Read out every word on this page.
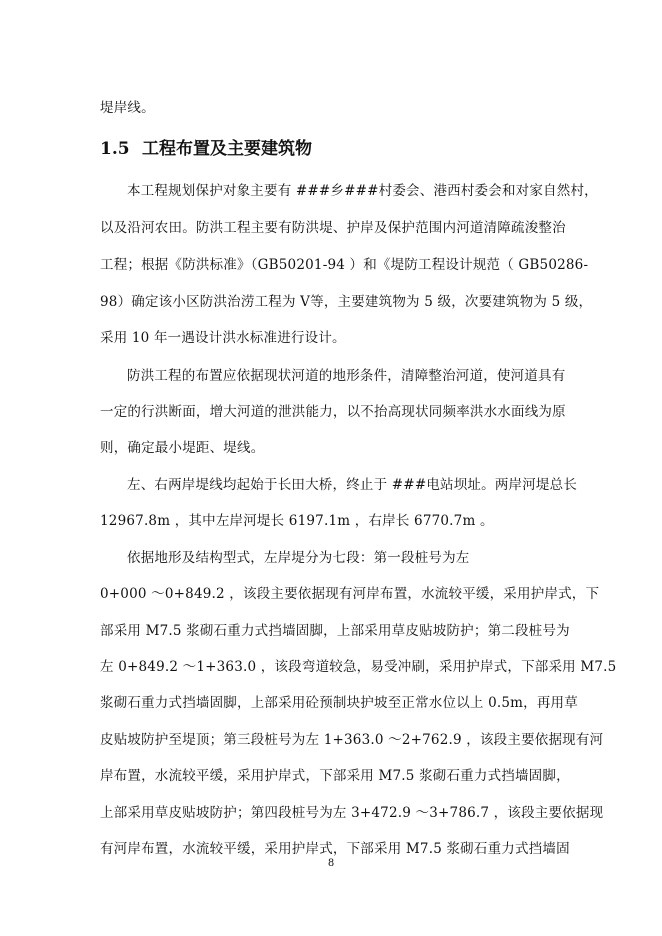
堤岸线。
1.5 工程布置及主要建筑物
本工程规划保护对象主要有 ###乡###村委会、港西村委会和对家自然村，
以及沿河农田。防洪工程主要有防洪堤、护岸及保护范围内河道清障疏浚整治
工程；根据《防洪标准》（GB50201-94 ）和《堤防工程设计规范（ GB50286-
98）确定该小区防洪治涝工程为 V等，主要建筑物为 5 级，次要建筑物为 5 级，
采用 10 年一遇设计洪水标准进行设计。
防洪工程的布置应依据现状河道的地形条件，清障整治河道，使河道具有
一定的行洪断面，增大河道的泄洪能力，以不抬高现状同频率洪水水面线为原
则，确定最小堤距、堤线。
左、右两岸堤线均起始于长田大桥，终止于 ###电站坝址。两岸河堤总长
12967.8m ，其中左岸河堤长 6197.1m ，右岸长 6770.7m 。
依据地形及结构型式，左岸堤分为七段：第一段桩号为左
0+000 ～0+849.2 ，该段主要依据现有河岸布置，水流较平缓，采用护岸式，下
部采用 M7.5 浆砌石重力式挡墙固脚，上部采用草皮贴坡防护；第二段桩号为
左 0+849.2 ～1+363.0 ，该段弯道较急，易受冲刷，采用护岸式，下部采用 M7.5
浆砌石重力式挡墙固脚，上部采用砼预制块护坡至正常水位以上 0.5m，再用草
皮贴坡防护至堤顶；第三段桩号为左 1+363.0 ～2+762.9 ，该段主要依据现有河
岸布置，水流较平缓，采用护岸式，下部采用 M7.5 浆砌石重力式挡墙固脚，
上部采用草皮贴坡防护；第四段桩号为左 3+472.9 ～3+786.7 ，该段主要依据现
有河岸布置，水流较平缓，采用护岸式，下部采用 M7.5 浆砌石重力式挡墙固
8
